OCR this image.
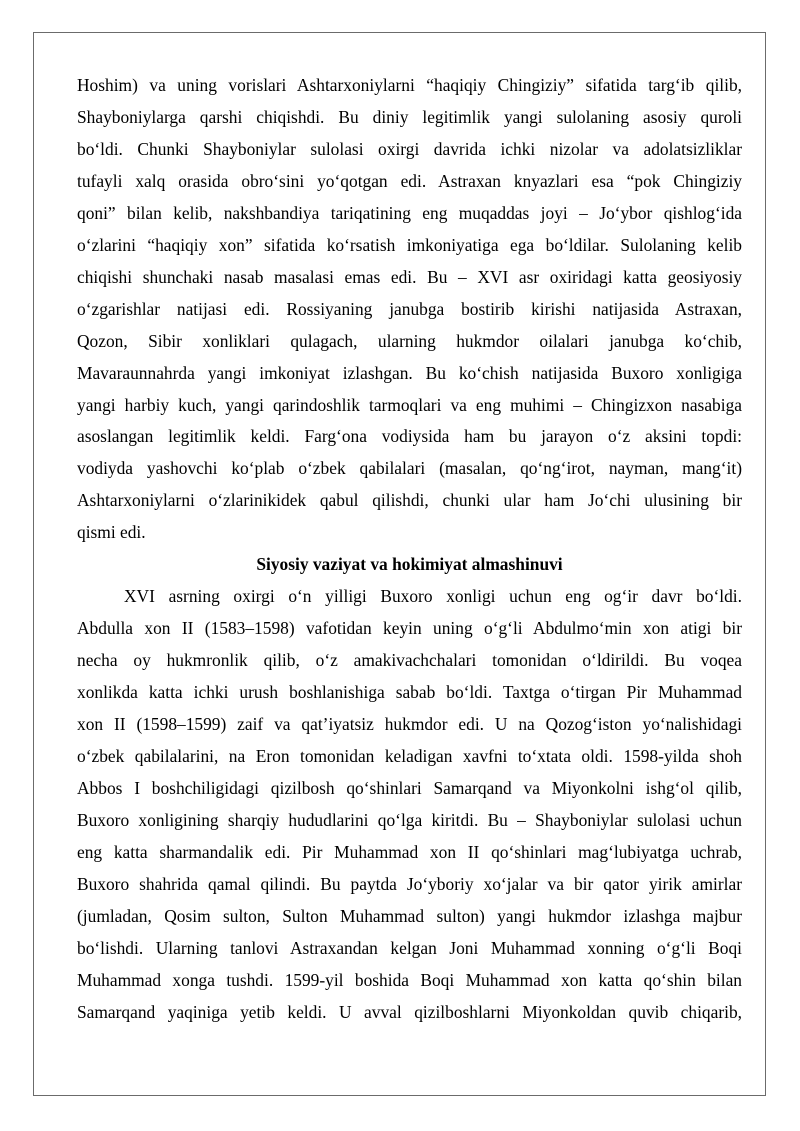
Hoshim) va uning vorislari Ashtarxoniylarni “haqiqiy Chingiziy” sifatida targ‘ib qilib,

Shayboniylarga qarshi chiqishdi. Bu diniy legitimlik yangi sulolaning asosiy quroli

bo‘ldi. Chunki Shayboniylar sulolasi oxirgi davrida ichki nizolar va adolatsizliklar

tufayli xalq orasida obro‘sini yo‘qotgan edi. Astraxan knyazlari esa “pok Chingiziy

qoni” bilan kelib, nakshbandiya tariqatining eng muqaddas joyi – Jo‘ybor qishlog‘ida

o‘zlarini “haqiqiy xon” sifatida ko‘rsatish imkoniyatiga ega bo‘ldilar. Sulolaning kelib

chiqishi shunchaki nasab masalasi emas edi. Bu – XVI asr oxiridagi katta geosiyosiy

o‘zgarishlar natijasi edi. Rossiyaning janubga bostirib kirishi natijasida Astraxan,

Qozon, Sibir xonliklari qulagach, ularning hukmdor oilalari janubga ko‘chib,

Mavaraunnahrda yangi imkoniyat izlashgan. Bu ko‘chish natijasida Buxoro xonligiga

yangi harbiy kuch, yangi qarindoshlik tarmoqlari va eng muhimi – Chingizxon nasabiga

asoslangan legitimlik keldi. Farg‘ona vodiysida ham bu jarayon o‘z aksini topdi:

vodiyda yashovchi ko‘plab o‘zbek qabilalari (masalan, qo‘ng‘irot, nayman, mang‘it)

Ashtarxoniylarni o‘zlarinikidek qabul qilishdi, chunki ular ham Jo‘chi ulusining bir

qismi edi.

Siyosiy vaziyat va hokimiyat almashinuvi

XVI asrning oxirgi o‘n yilligi Buxoro xonligi uchun eng og‘ir davr bo‘ldi.

Abdulla xon II (1583–1598) vafotidan keyin uning o‘g‘li Abdulmo‘min xon atigi bir

necha oy hukmronlik qilib, o‘z amakivachchalari tomonidan o‘ldirildi. Bu voqea

xonlikda katta ichki urush boshlanishiga sabab bo‘ldi. Taxtga o‘tirgan Pir Muhammad

xon II (1598–1599) zaif va qat’iyatsiz hukmdor edi. U na Qozog‘iston yo‘nalishidagi

o‘zbek qabilalarini, na Eron tomonidan keladigan xavfni to‘xtata oldi. 1598-yilda shoh

Abbos I boshchiligidagi qizilbosh qo‘shinlari Samarqand va Miyonkolni ishg‘ol qilib,

Buxoro xonligining sharqiy hududlarini qo‘lga kiritdi. Bu – Shayboniylar sulolasi uchun

eng katta sharmandalik edi. Pir Muhammad xon II qo‘shinlari mag‘lubiyatga uchrab,

Buxoro shahrida qamal qilindi. Bu paytda Jo‘yboriy xo‘jalar va bir qator yirik amirlar

(jumladan, Qosim sulton, Sulton Muhammad sulton) yangi hukmdor izlashga majbur

bo‘lishdi. Ularning tanlovi Astraxandan kelgan Joni Muhammad xonning o‘g‘li Boqi

Muhammad xonga tushdi. 1599-yil boshida Boqi Muhammad xon katta qo‘shin bilan

Samarqand yaqiniga yetib keldi. U avval qizilboshlarni Miyonkoldan quvib chiqarib,
